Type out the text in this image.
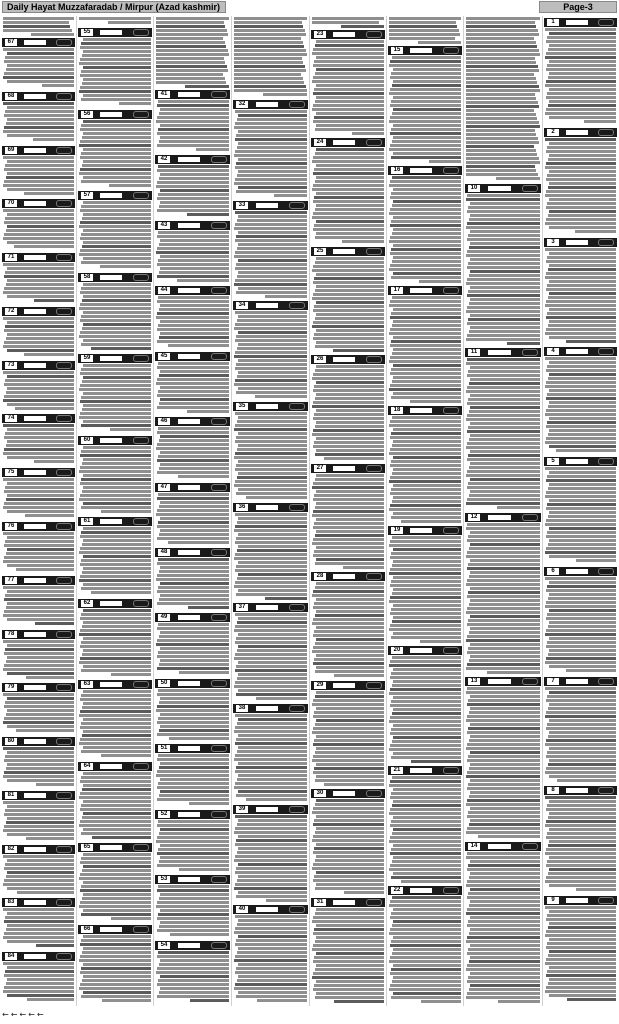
Daily Hayat Muzzafaradab / Mirpur (Azad kashmir)	Page-3
67
68
69
70
71
72
73
74
75
76
77
78
79
80
81
82
83
84
55
56
57
58
59
60
61
62
63
64
65
66
41
42
43
44
45
46
47
48
49
50
51
52
53
54
32
33
34
35
36
37
38
39
40
23
24
25
26
27
28
29
30
31
15
16
17
18
19
20
21
22
10
11
12
13
14
1
2
3
4
5
6
7
8
9
←←←←←
